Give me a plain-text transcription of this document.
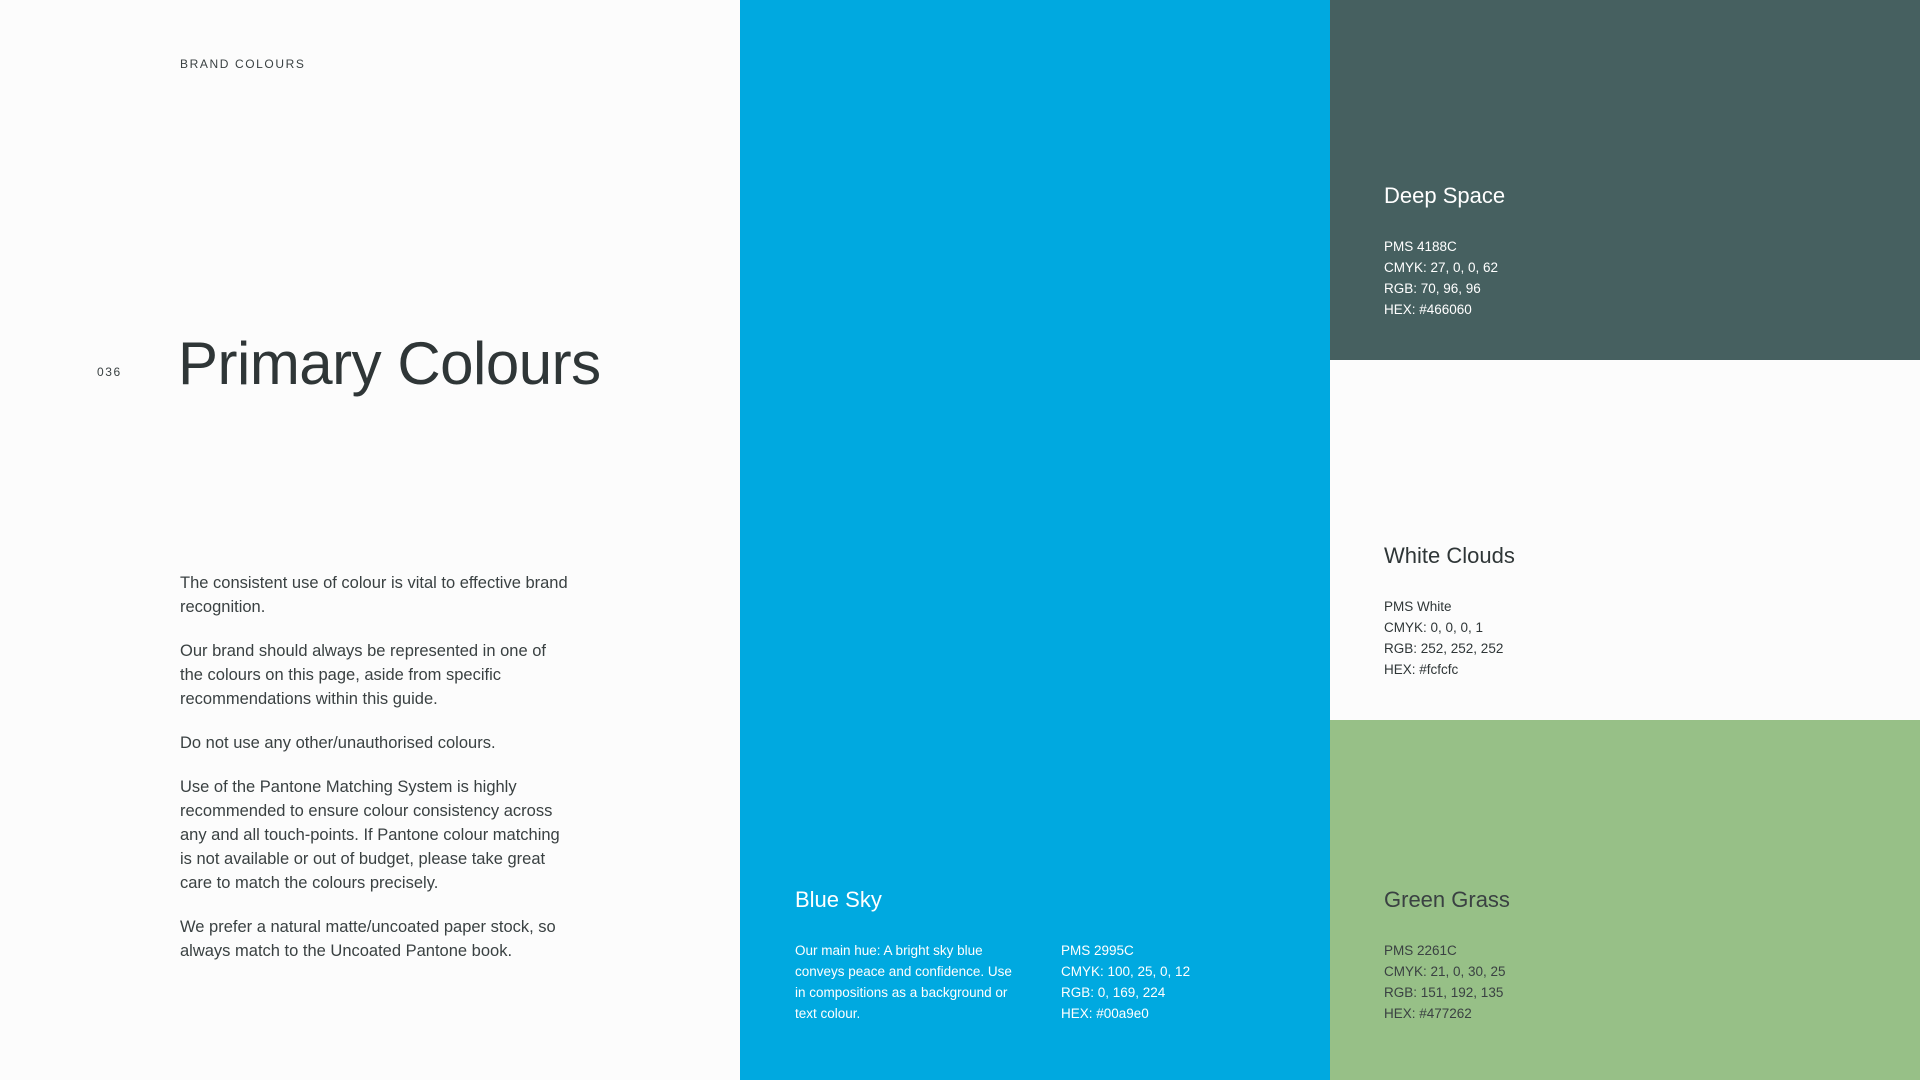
BRAND COLOURS
036 Primary Colours

The consistent use of colour is vital to effective brand recognition.

Our brand should always be represented in one of the colours on this page, aside from specific recommendations within this guide.

Do not use any other/unauthorised colours.

Use of the Pantone Matching System is highly recommended to ensure colour consistency across any and all touch-points. If Pantone colour matching is not available or out of budget, please take great care to match the colours precisely.

We prefer a natural matte/uncoated paper stock, so always match to the Uncoated Pantone book.

Blue Sky
Our main hue: A bright sky blue conveys peace and confidence. Use in compositions as a background or text colour.
PMS 2995C
CMYK: 100, 25, 0, 12
RGB: 0, 169, 224
HEX: #00a9e0
Deep Space
PMS 4188C
CMYK: 27, 0, 0, 62
RGB: 70, 96, 96
HEX: #466060
White Clouds
PMS White
CMYK: 0, 0, 0, 1
RGB: 252, 252, 252
HEX: #fcfcfc
Green Grass
PMS 2261C
CMYK: 21, 0, 30, 25
RGB: 151, 192, 135
HEX: #477262
